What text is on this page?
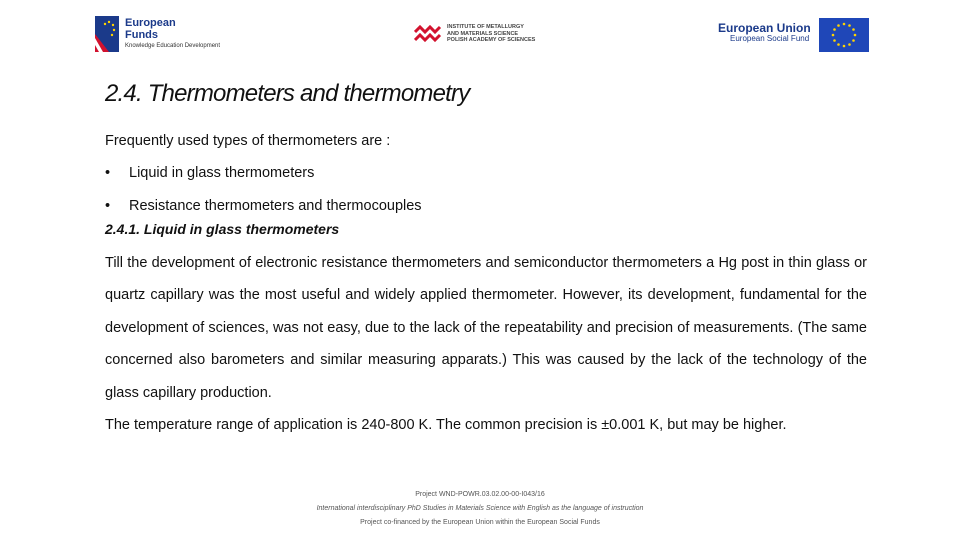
European
Funds
Knowledge Education Development
INSTITUTE OF METALLURGY
AND MATERIALS SCIENCE
POLISH ACADEMY OF SCIENCES
European Union
European Social Fund
2.4. Thermometers and thermometry

Frequently used types of thermometers are :

• Liquid in glass thermometers

• Resistance thermometers and thermocouples

2.4.1. Liquid in glass thermometers

Till the development of electronic resistance thermometers and semiconductor thermometers a Hg post in thin glass or quartz capillary was the most useful and widely applied thermometer. However, its development, fundamental for the development of sciences, was not easy, due to the lack of the repeatability and precision of measurements. (The same concerned also barometers and similar measuring apparats.) This was caused by the lack of the technology of the glass capillary production.

The temperature range of application is 240-800 K. The common precision is ±0.001 K, but may be higher.

Project WND-POWR.03.02.00-00-I043/16
International interdisciplinary PhD Studies in Materials Science with English as the language of instruction
Project co-financed by the European Union within the European Social Funds
